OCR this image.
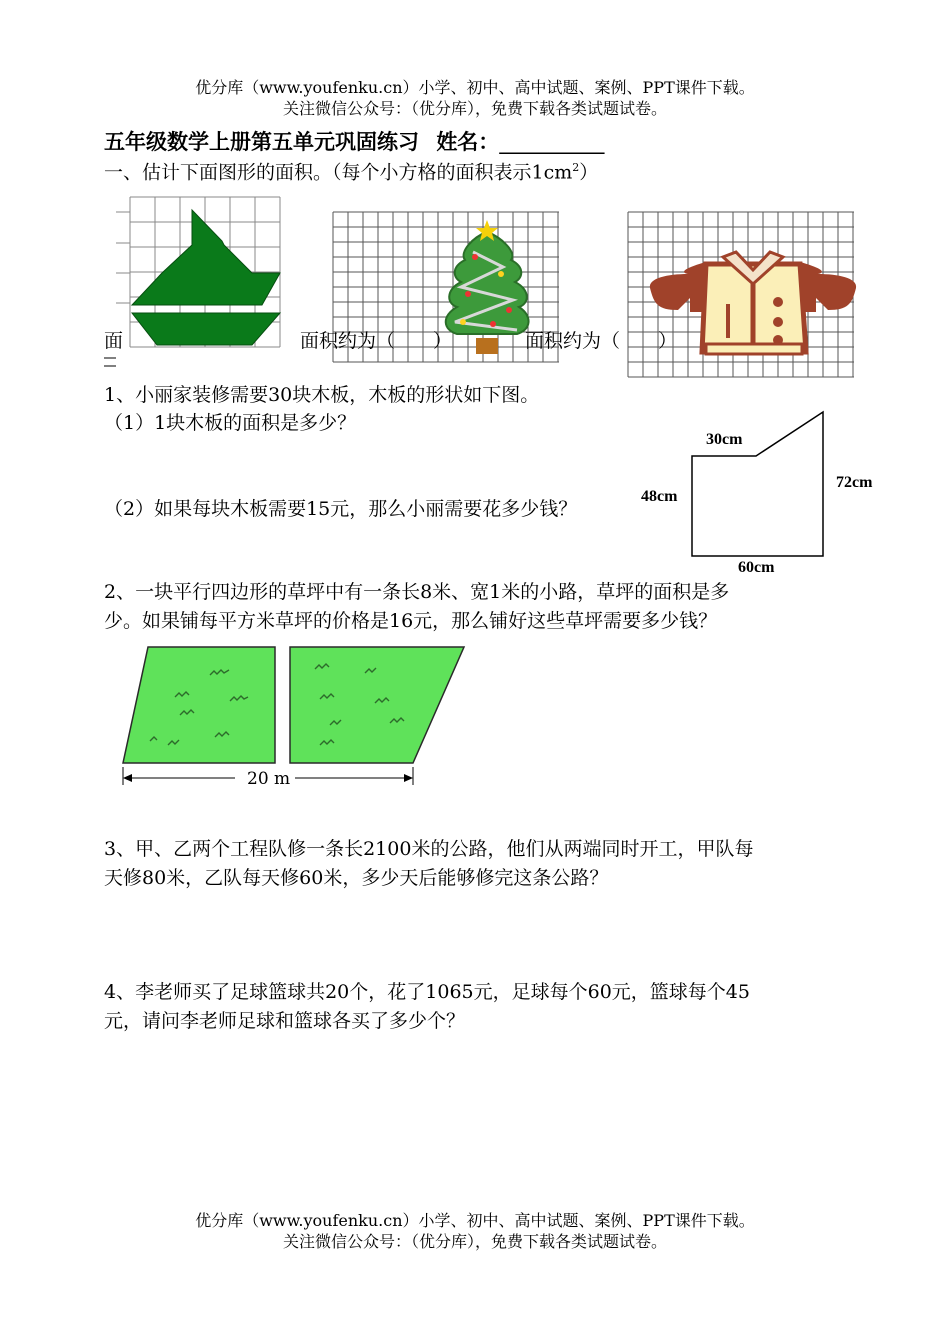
优分库（www.youfenku.cn）小学、初中、高中试题、案例、PPT课件下载。
关注微信公众号：（优分库），免费下载各类试题试卷。
五年级数学上册第五单元巩固练习 姓名：__________
一、估计下面图形的面积。（每个小方格的面积表示$1cm^2$）
面	面积约为（　　）	面积约为（　　）
1、小丽家装修需要30块木板，木板的形状如下图。
（1）1块木板的面积是多少？
（2）如果每块木板需要15元，那么小丽需要花多少钱？
30cm
48cm
72cm
60cm
2、一块平行四边形的草坪中有一条长8米、宽1米的小路，草坪的面积是多
少。如果铺每平方米草坪的价格是16元，那么铺好这些草坪需要多少钱？
20 m
3、甲、乙两个工程队修一条长2100米的公路，他们从两端同时开工，甲队每
天修80米，乙队每天修60米，多少天后能够修完这条公路？
4、李老师买了足球篮球共20个，花了1065元，足球每个60元，篮球每个45
元，请问李老师足球和篮球各买了多少个？
优分库（www.youfenku.cn）小学、初中、高中试题、案例、PPT课件下载。
关注微信公众号：（优分库），免费下载各类试题试卷。
